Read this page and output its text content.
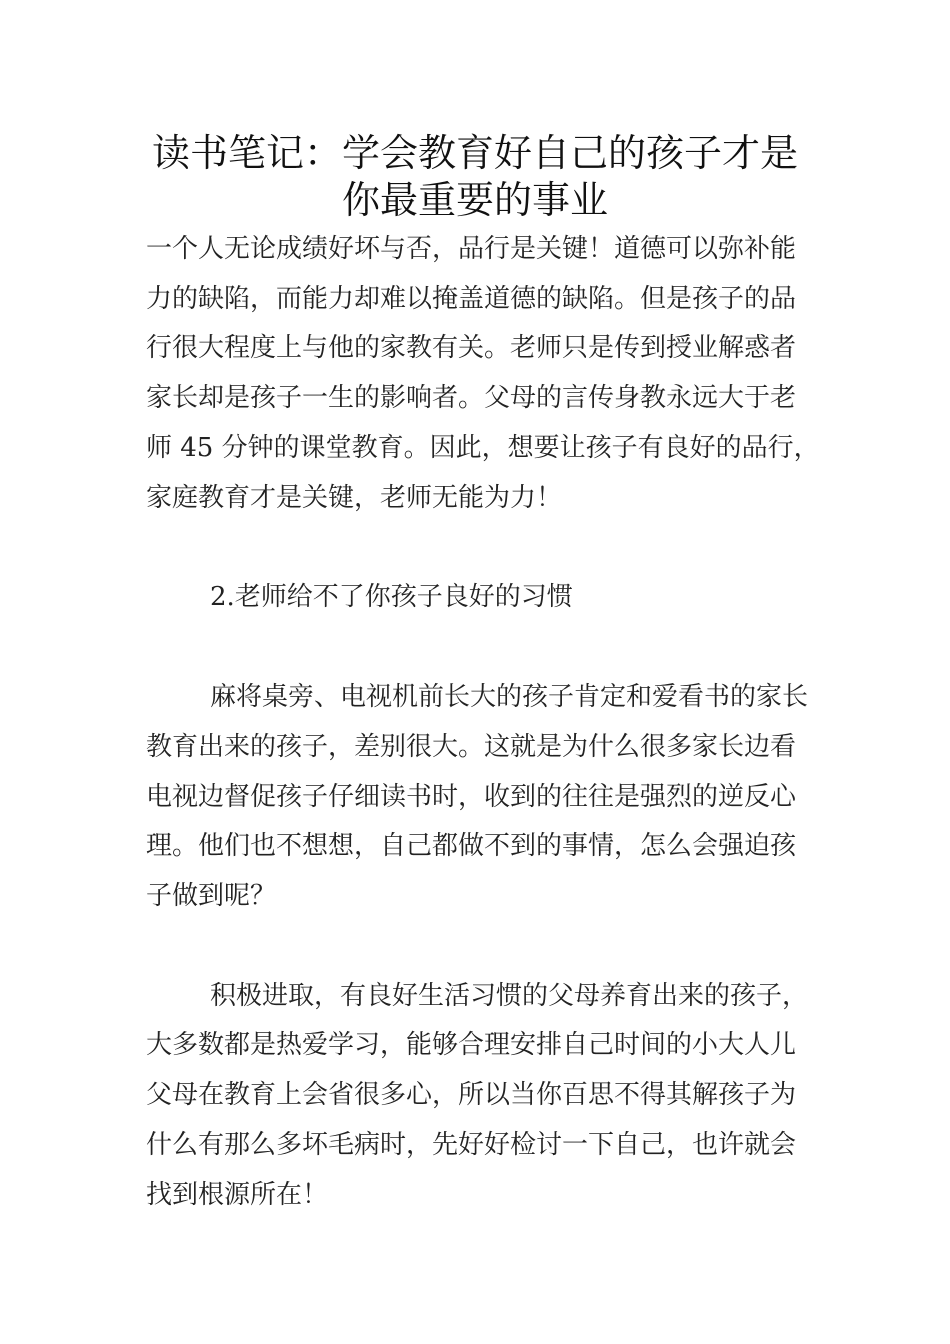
读书笔记：学会教育好自己的孩子才是
你最重要的事业
一个人无论成绩好坏与否，品行是关键！道德可以弥补能
力的缺陷，而能力却难以掩盖道德的缺陷。但是孩子的品
行很大程度上与他的家教有关。老师只是传到授业解惑者
家长却是孩子一生的影响者。父母的言传身教永远大于老
师 45 分钟的课堂教育。因此，想要让孩子有良好的品行，
家庭教育才是关键，老师无能为力！
2.老师给不了你孩子良好的习惯
麻将桌旁、电视机前长大的孩子肯定和爱看书的家长
教育出来的孩子，差别很大。这就是为什么很多家长边看
电视边督促孩子仔细读书时，收到的往往是强烈的逆反心
理。他们也不想想，自己都做不到的事情，怎么会强迫孩
子做到呢？
积极进取，有良好生活习惯的父母养育出来的孩子，
大多数都是热爱学习，能够合理安排自己时间的小大人儿
父母在教育上会省很多心，所以当你百思不得其解孩子为
什么有那么多坏毛病时，先好好检讨一下自己，也许就会
找到根源所在！
